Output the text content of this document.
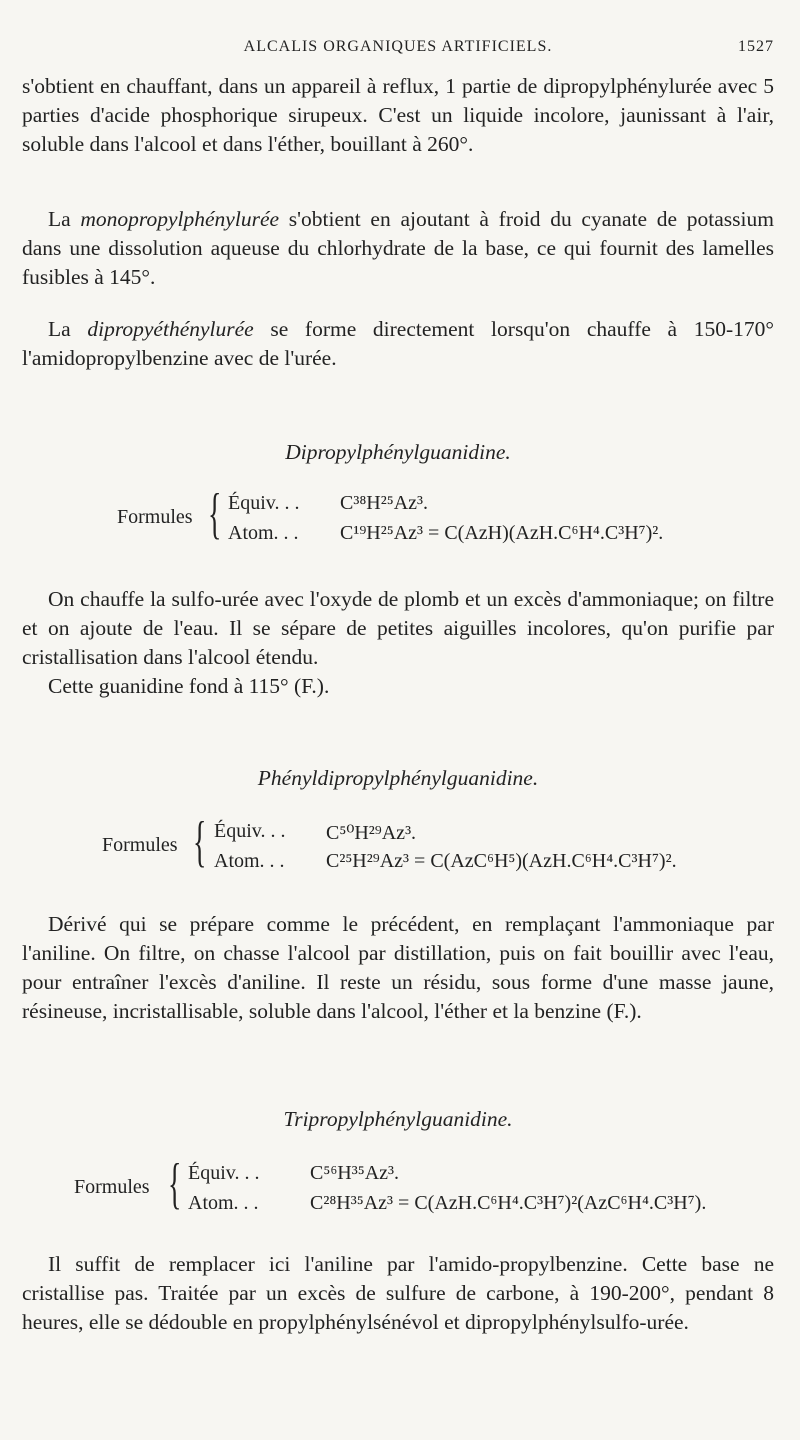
ALCALIS ORGANIQUES ARTIFICIELS.	1527

s'obtient en chauffant, dans un appareil à reflux, 1 partie de dipropylphénylurée avec 5 parties d'acide phosphorique sirupeux. C'est un liquide incolore, jaunissant à l'air, soluble dans l'alcool et dans l'éther, bouillant à 260°.

La monopropylphénylurée s'obtient en ajoutant à froid du cyanate de potassium dans une dissolution aqueuse du chlorhydrate de la base, ce qui fournit des lamelles fusibles à 145°.

La dipropyéthénylurée se forme directement lorsqu'on chauffe à 150-170° l'amidopropylbenzine avec de l'urée.

Dipropylphénylguanidine.
Formules { Équiv. . . C³⁸H²⁵Az³.
Atom. . . C¹⁹H²⁵Az³ = C(AzH)(AzH.C⁶H⁴.C³H⁷)².

On chauffe la sulfo-urée avec l'oxyde de plomb et un excès d'ammoniaque; on filtre et on ajoute de l'eau. Il se sépare de petites aiguilles incolores, qu'on purifie par cristallisation dans l'alcool étendu.

Cette guanidine fond à 115° (F.).

Phényldipropylphénylguanidine.
Formules { Équiv. . . C⁵⁰H²⁹Az³.
Atom. . . C²⁵H²⁹Az³ = C(AzC⁶H⁵)(AzH.C⁶H⁴.C³H⁷)².

Dérivé qui se prépare comme le précédent, en remplaçant l'ammoniaque par l'aniline. On filtre, on chasse l'alcool par distillation, puis on fait bouillir avec l'eau, pour entraîner l'excès d'aniline. Il reste un résidu, sous forme d'une masse jaune, résineuse, incristallisable, soluble dans l'alcool, l'éther et la benzine (F.).

Tripropylphénylguanidine.
Formules { Équiv. . .	C⁵⁶H³⁵Az³.
Atom. . .	C²⁸H³⁵Az³ = C(AzH.C⁶H⁴.C³H⁷)²(AzC⁶H⁴.C³H⁷).

Il suffit de remplacer ici l'aniline par l'amido-propylbenzine. Cette base ne cristallise pas. Traitée par un excès de sulfure de carbone, à 190-200°, pendant 8 heures, elle se dédouble en propylphénylsénévol et dipropylphénylsulfo-urée.
